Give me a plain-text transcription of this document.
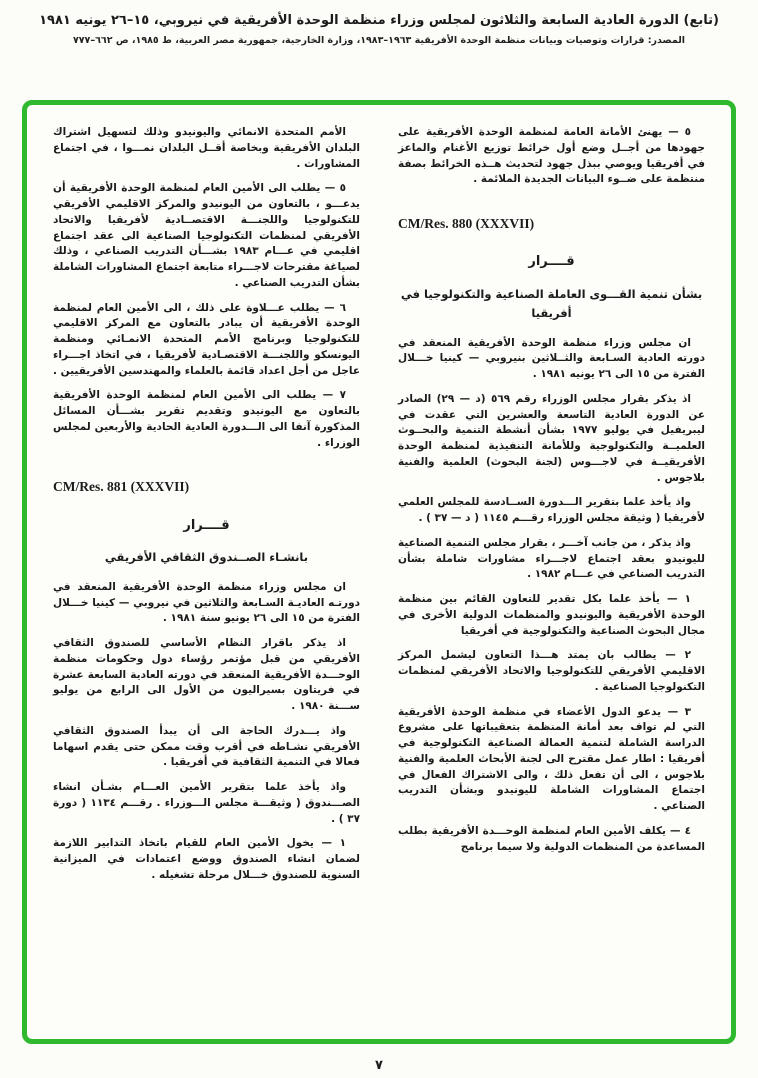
(تابع) الدورة العادية السابعة والثلاثون لمجلس وزراء منظمة الوحدة الأفريقية في نيروبي، ١٥–٢٦ يونيه ١٩٨١
المصدر: قرارات وتوصيات وبيانات منظمة الوحدة الأفريقية ١٩٦٣–١٩٨٣، وزارة الخارجية، جمهورية مصر العربية، ط ١٩٨٥، ص ٦٦٢–٧٧٧

٥ — يهنئ الأمانة العامة لمنظمة الوحدة الأفريقية على جهودها من أجــل وضع أول خرائط توزيع الأغنام والماعز في أفريقيا ويوصي ببذل جهود لتحديث هــذه الخرائط بصفة منتظمة على ضــوء البيانات الجديدة الملائمة .

CM/Res. 880 (XXXVII)
قــــرار
بشأن تنمية القـــوى العاملة الصناعية والتكنولوجيا في أفريقيا

ان مجلس وزراء منظمة الوحدة الأفريقية المنعقد في دورته العادية السـابعة والثــلاثين بنيروبي — كينيا خـــلال الفترة من ١٥ الى ٢٦ يونيه ١٩٨١ .

اذ يذكر بقرار مجلس الوزراء رقم ٥٦٩ (د — ٢٩) الصادر عن الدورة العادية التاسعة والعشرين التي عقدت في ليبريفيل في يوليو ١٩٧٧ بشأن أنشطة التنمية والبحــوث العلميــة والتكنولوجية وللأمانة التنفيذية لمنظمة الوحدة الأفريقيــة في لاجـــوس (لجنة البحوث) العلمية والفنية بلاجوس .

واذ يأخذ علما بتقرير الـــدورة الســادسة للمجلس العلمي لأفريقيا ( وثيقة مجلس الوزراء رقـــم ١١٤٥ ( د — ٣٧ ) .

واذ يذكر ، من جانب آخـــر ، بقرار مجلس التنمية الصناعية لليونيدو بعقد اجتماع لاجـــراء مشاورات شاملة بشأن التدريب الصناعي في عـــام ١٩٨٢ .

١ — يأخذ علما بكل تقدير للتعاون القائم بين منظمة الوحدة الأفريقية واليونيدو والمنظمات الدولية الأخرى في مجال البحوث الصناعية والتكنولوجية في أفريقيا

٢ — يطالب بان يمتد هـــذا التعاون ليشمل المركز الاقليمي الأفريقي للتكنولوجيا والاتحاد الأفريقي لمنظمات التكنولوجيا الصناعية .

٣ — يدعو الدول الأعضاء في منظمة الوحدة الأفريقية التي لم تواف بعد أمانة المنظمة بتعقيباتها على مشروع الدراسة الشاملة لتنمية العمالة الصناعية التكنولوجية في أفريقيا : اطار عمل مقترح الى لجنة الأبحاث العلمية والفنية بلاجوس ، الى أن تفعل ذلك ، والى الاشتراك الفعال في اجتماع المشاورات الشاملة لليونيدو وبشأن التدريب الصناعي .

٤ — يكلف الأمين العام لمنظمة الوحـــدة الأفريقية بطلب المساعدة من المنظمات الدولية ولا سيما برنامج

الأمم المتحدة الانمائي واليونيدو وذلك لتسهيل اشتراك البلدان الأفريقية وبخاصة أقــل البلدان نمـــوا ، في اجتماع المشاورات .

٥ — يطلب الى الأمين العام لمنظمة الوحدة الأفريقية أن يدعـــو ، بالتعاون من اليونيدو والمركز الاقليمي الأفريقي للتكنولوجيا واللجنـــة الاقتصــادية لأفريقيا والاتحاد الأفريقي لمنظمات التكنولوجيا الصناعية الى عقد اجتماع اقليمي في عـــام ١٩٨٣ بشـــأن التدريب الصناعي ، وذلك لصياغة مقترحات لاجـــراء متابعة اجتماع المشاورات الشاملة بشأن التدريب الصناعي .

٦ — يطلب عـــلاوة على ذلك ، الى الأمين العام لمنظمة الوحدة الأفريقية أن يبادر بالتعاون مع المركز الاقليمي للتكنولوجيا وبرنامج الأمم المتحدة الانمـائي ومنظمة اليونسكو واللجنـــة الاقتصـادية لأفريقيا ، في اتخاذ اجـــراء عاجل من أجل اعداد قائمة بالعلماء والمهندسين الأفريقيين .

٧ — يطلب الى الأمين العام لمنظمة الوحدة الأفريقية بالتعاون مع اليونيدو وتقديم تقرير بشـــأن المسائل المذكورة آنفا الى الـــدورة العادية الحادية والأربعين لمجلس الوزراء .

CM/Res. 881 (XXXVII)
قــــرار
بانشـاء الصــندوق الثقافي الأفريقي

ان مجلس وزراء منظمة الوحدة الأفريقية المنعقد في دورتـه العاديـة السـابعة والثلاثين في نيروبي — كينيا خـــلال الفترة من ١٥ الى ٢٦ يونيو سنة ١٩٨١ .

اذ يذكر باقرار النظام الأساسي للصندوق الثقافي الأفريقي من قبل مؤتمر رؤساء دول وحكومات منظمة الوحـــدة الأفريقية المنعقد في دورته العادية السابعة عشرة في فريتاون بسيراليون من الأول الى الرابع من يوليو ســـنة ١٩٨٠ .

واذ يـــدرك الحاجة الى أن يبدأ الصندوق الثقافي الأفريقي نشـاطه في أقرب وقت ممكن حتى يقدم اسهاما فعالا في التنمية الثقافية في أفريقيا .

واذ يأخذ علما بتقرير الأمين العـــام بشـأن انشاء الصـــندوق ( وثيقـــة مجلس الـــوزراء . رقـــم ١١٣٤ ( دورة ٣٧ ) .

١ — يخول الأمين العام للقيام باتخاذ التدابير اللازمة لضمان انشاء الصندوق ووضع اعتمادات في الميزانية السنوية للصندوق خـــلال مرحلة تشغيله .

٧
